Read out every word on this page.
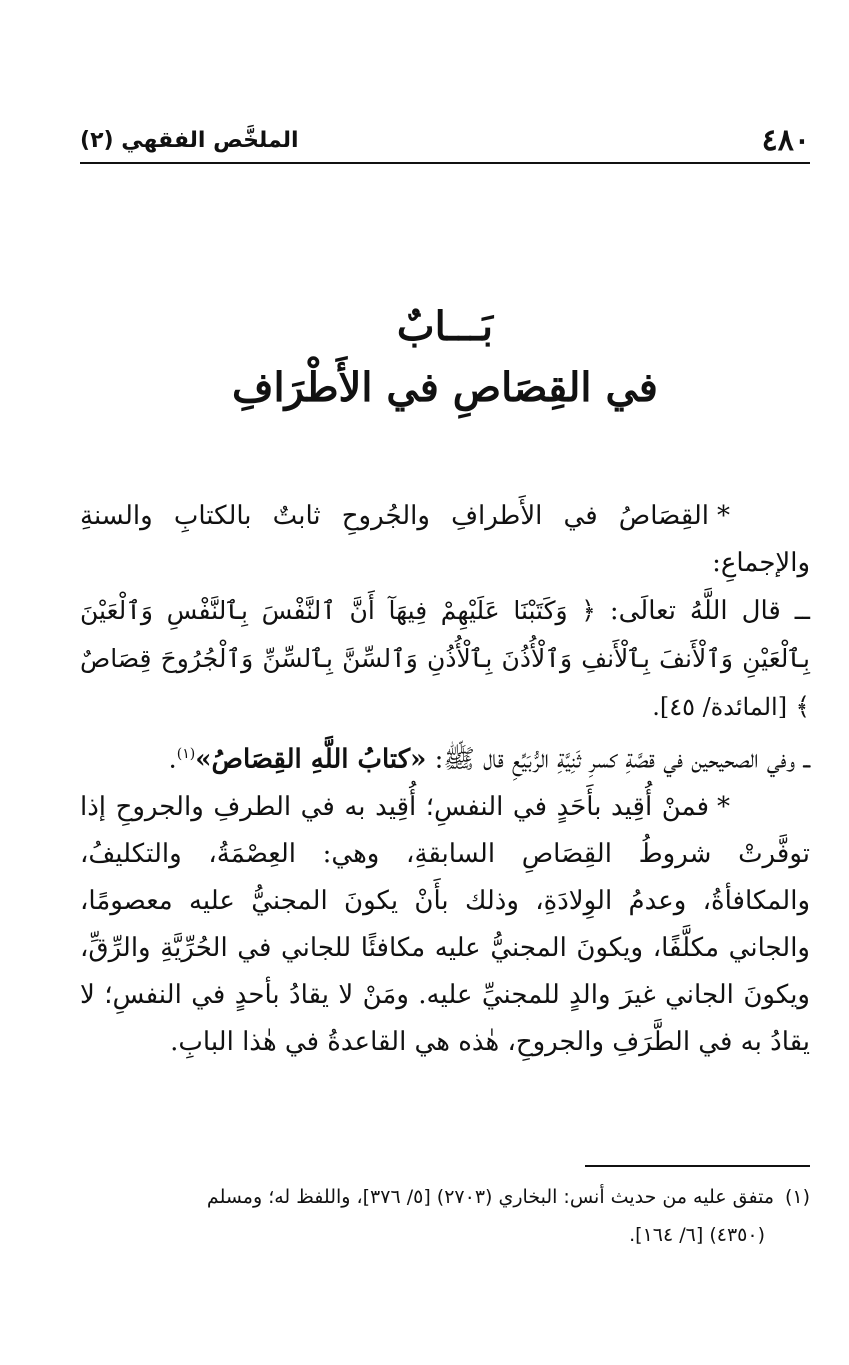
٤٨٠
الملخَّص الفقهي (٢)
بَـــابٌ
في القِصَاصِ في الأَطْرَافِ

*القِصَاصُ في الأَطرافِ والجُروحِ ثابتٌ بالكتابِ والسنةِ والإجماعِ:

ــ قال اللَّهُ تعالَى: ﴿ وَكَتَبْنَا عَلَيْهِمْ فِيهَآ أَنَّ ٱلنَّفْسَ بِٱلنَّفْسِ وَٱلْعَيْنَ بِٱلْعَيْنِ وَٱلْأَنفَ بِٱلْأَنفِ وَٱلْأُذُنَ بِٱلْأُذُنِ وَٱلسِّنَّ بِٱلسِّنِّ وَٱلْجُرُوحَ قِصَاصٌ ﴾ [المائدة/ ٤٥].

ــ وفي الصحيحين في قصَّةِ كسرِ ثَنِيَّةِ الرُّبَيِّعِ قال ﷺ: «كتابُ اللَّهِ القِصَاصُ»$^{(١)}$.

*فمنْ أُقِيد بأَحَدٍ في النفسِ؛ أُقِيد به في الطرفِ والجروحِ إذا توفَّرتْ شروطُ القِصَاصِ السابقةِ، وهي: العِصْمَةُ، والتكليفُ، والمكافأةُ، وعدمُ الوِلادَةِ، وذلك بأَنْ يكونَ المجنيُّ عليه معصومًا، والجاني مكلَّفًا، ويكونَ المجنيُّ عليه مكافئًا للجاني في الحُرِّيَّةِ والرِّقِّ، ويكونَ الجاني غيرَ والدٍ للمجنيِّ عليه. ومَنْ لا يقادُ بأحدٍ في النفسِ؛ لا يقادُ به في الطَّرَفِ والجروحِ، هٰذه هي القاعدةُ في هٰذا البابِ.

(١)متفق عليه من حديث أنس: البخاري (٢٧٠٣) [٥/ ٣٧٦]، واللفظ له؛ ومسلم

(٤٣٥٠) [٦/ ١٦٤].
